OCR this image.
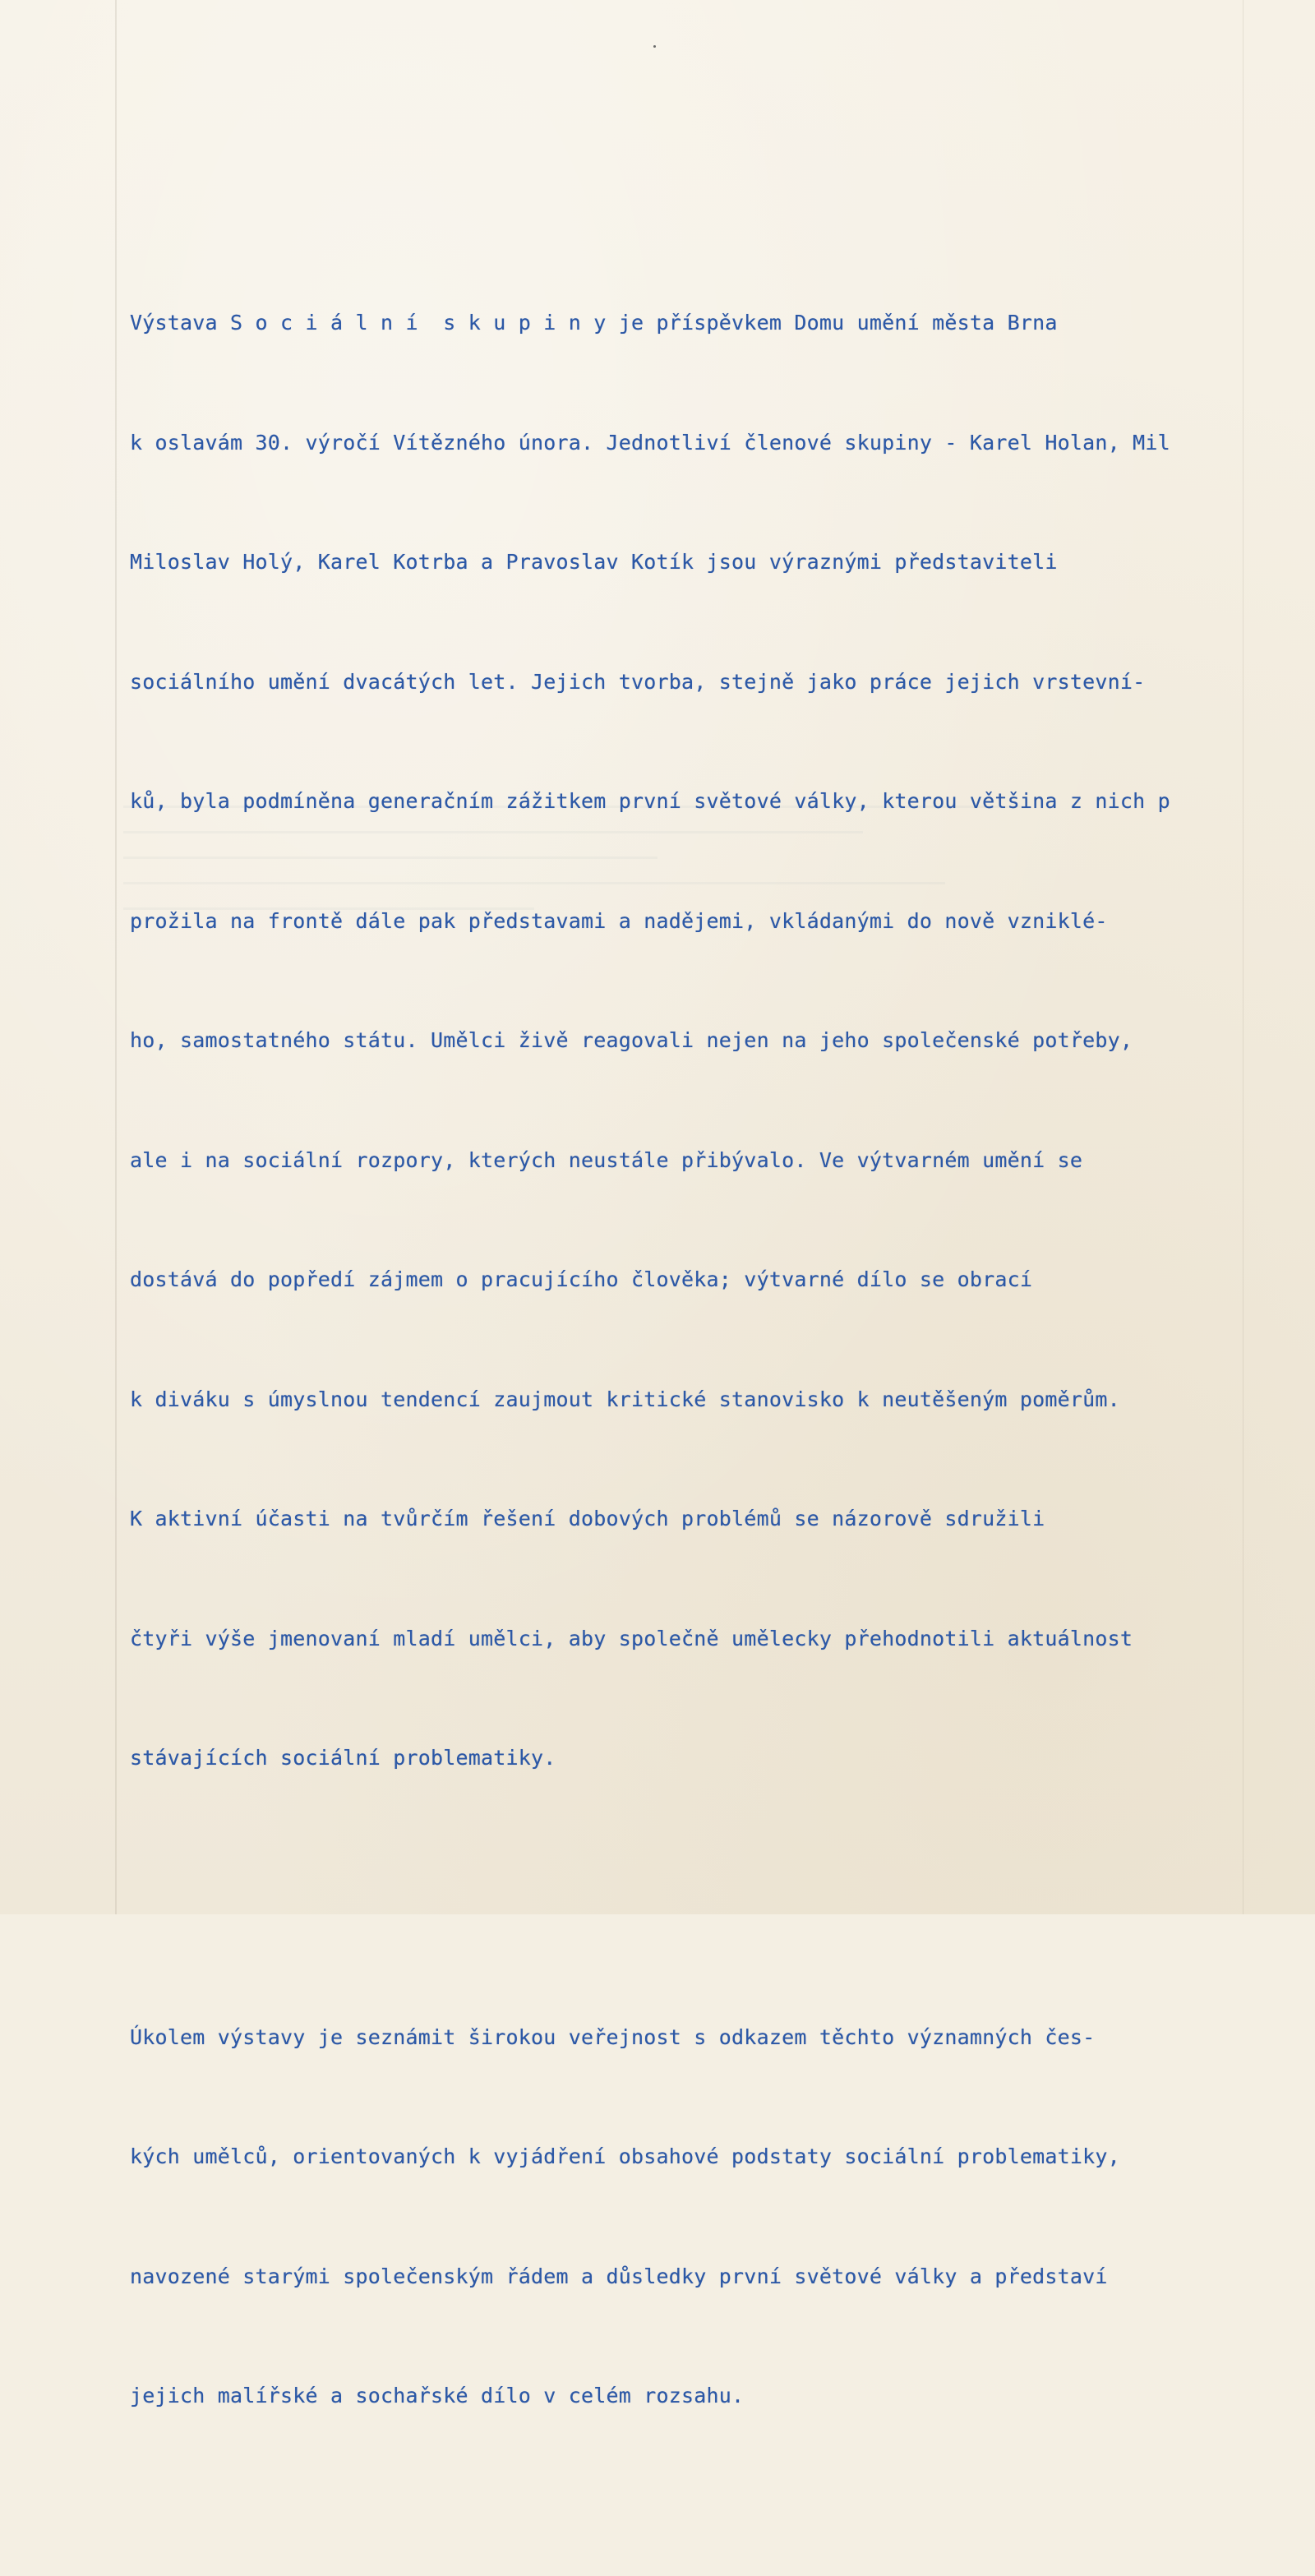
Výstava S o c i á l n í  s k u p i n y je příspěvkem Domu umění města Brna

k oslavám 30. výročí Vítězného února. Jednotliví členové skupiny - Karel Holan, Mil

Miloslav Holý, Karel Kotrba a Pravoslav Kotík jsou výraznými představiteli

sociálního umění dvacátých let. Jejich tvorba, stejně jako práce jejich vrstevní-

ků, byla podmíněna generačním zážitkem první světové války, kterou většina z nich p

prožila na frontě dále pak představami a nadějemi, vkládanými do nově vzniklé-

ho, samostatného státu. Umělci živě reagovali nejen na jeho společenské potřeby,

ale i na sociální rozpory, kterých neustále přibývalo. Ve výtvarném umění se

dostává do popředí zájmem o pracujícího člověka; výtvarné dílo se obrací

k diváku s úmyslnou tendencí zaujmout kritické stanovisko k neutěšeným poměrům.

K aktivní účasti na tvůrčím řešení dobových problémů se názorově sdružili

čtyři výše jmenovaní mladí umělci, aby společně umělecky přehodnotili aktuálnost

stávajících sociální problematiky.

Úkolem výstavy je seznámit širokou veřejnost s odkazem těchto významných čes-

kých umělců, orientovaných k vyjádření obsahové podstaty sociální problematiky,

navozené starými společenským řádem a důsledky první světové války a představí

jejich malířské a sochařské dílo v celém rozsahu.
